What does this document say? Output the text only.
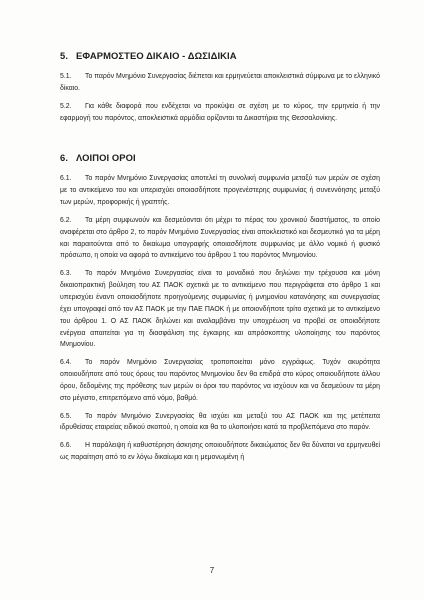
5. ΕΦΑΡΜΟΣΤΕΟ ΔΙΚΑΙΟ - ΔΩΣΙΔΙΚΙΑ
5.1. Το παρόν Μνημόνιο Συνεργασίας διέπεται και ερμηνεύεται αποκλειστικά σύμφωνα με το ελληνικό δίκαιο.
5.2. Για κάθε διαφορά που ενδέχεται να προκύψει σε σχέση με το κύρος, την ερμηνεία ή την εφαρμογή του παρόντος, αποκλειστικά αρμόδια ορίζονται τα Δικαστήρια της Θεσσαλονίκης.
6. ΛΟΙΠΟΙ ΟΡΟΙ
6.1. Το παρόν Μνημόνιο Συνεργασίας αποτελεί τη συνολική συμφωνία μεταξύ των μερών σε σχέση με το αντικείμενο του και υπερισχύει οποιασδήποτε προγενέστερης συμφωνίας ή συνεννόησης μεταξύ των μερών, προφορικής ή γραπτής.
6.2. Τα μέρη συμφωνούν και δεσμεύονται ότι μέχρι το πέρας του χρονικού διαστήματος, το οποίο αναφέρεται στο άρθρο 2, το παρόν Μνημόνιο Συνεργασίας είναι αποκλειστικό και δεσμευτικό για τα μέρη και παραιτούνται από το δικαίωμα υπογραφής οποιασδήποτε συμφωνίας με άλλο νομικό ή φυσικό πρόσωπο, η οποία να αφορά το αντικείμενο του άρθρου 1 του παρόντος Μνημονίου.
6.3. Το παρόν Μνημόνιο Συνεργασίας είναι το μοναδικό που δηλώνει την τρέχουσα και μόνη δικαιοπρακτική βούληση του ΑΣ ΠΑΟΚ σχετικά με το αντικείμενο που περιγράφεται στο άρθρο 1 και υπερισχύει έναντι οποιασδήποτε προηγούμενης συμφωνίας ή μνημονίου κατανόησης και συνεργασίας έχει υπογραφεί από τον ΑΣ ΠΑΟΚ με την ΠΑΕ ΠΑΟΚ ή με οποιονδήποτε τρίτο σχετικά με το αντικείμενο του άρθρου 1. Ο ΑΣ ΠΑΟΚ δηλώνει και αναλαμβάνει την υποχρέωση να προβεί σε οποιαδήποτε ενέργεια απαιτείται για τη διασφάλιση της έγκαιρης και απρόσκοπτης υλοποίησης του παρόντος Μνημονίου.
6.4. Το παρόν Μνημόνιο Συνεργασίας τροποποιείται μόνο εγγράφως. Τυχόν ακυρότητα οποιουδήποτε από τους όρους του παρόντος Μνημονίου δεν θα επιδρά στο κύρος οποιουδήποτε άλλου όρου, δεδομένης της πρόθεσης των μερών οι όροι του παρόντος να ισχύουν και να δεσμεύουν τα μέρη στο μέγιστο, επιτρεπόμενο από νόμο, βαθμό.
6.5. Το παρόν Μνημόνιο Συνεργασίας θα ισχύει και μεταξύ του ΑΣ ΠΑΟΚ και της μετέπειτα ιδρυθείσας εταιρείας ειδικού σκοπού, η οποία και θα το υλοποιήσει κατά τα προβλεπόμενα στο παρόν.
6.6. Η παράλειψη ή καθυστέρηση άσκησης οποιουδήποτε δικαιώματος δεν θα δύναται να ερμηνευθεί ως παραίτηση από το εν λόγω δικαίωμα και η μεμονωμένη ή
7
